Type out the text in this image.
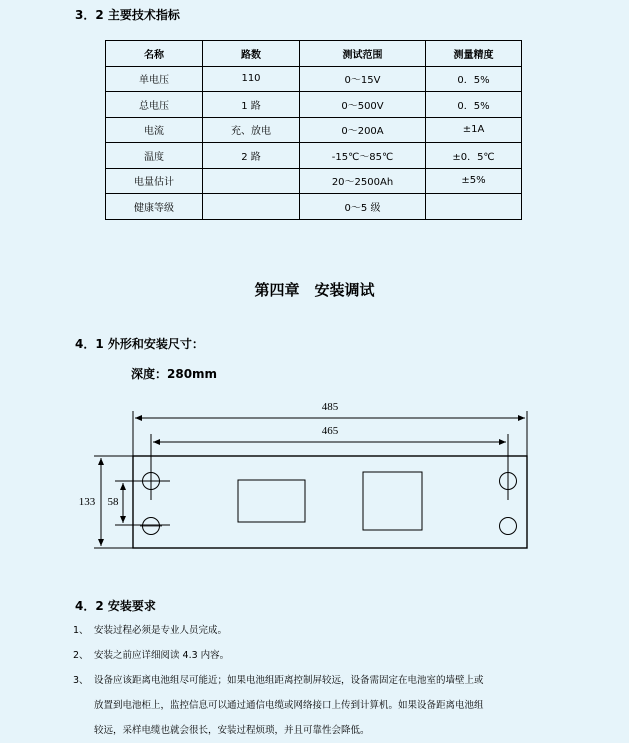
3．2 主要技术指标
名称	路数	测试范围	测量精度
单电压	110	0～15V	0．5%
总电压	1 路	0～500V	0．5%
电流	充、放电	0～200A	±1A
温度	2 路	-15℃～85℃	±0．5℃
电量估计		20～2500Ah	±5%
健康等级		0～5 级	
第四章　安装调试
4．1 外形和安装尺寸：
深度：280mm
485
465
133 58
4．2 安装要求
1、 安装过程必须是专业人员完成。
2、 安装之前应详细阅读 4.3 内容。
3、 设备应该距离电池组尽可能近；如果电池组距离控制屏较远，设备需固定在电池室的墙壁上或
放置到电池柜上，监控信息可以通过通信电缆或网络接口上传到计算机。如果设备距离电池组
较远，采样电缆也就会很长，安装过程烦琐，并且可靠性会降低。
